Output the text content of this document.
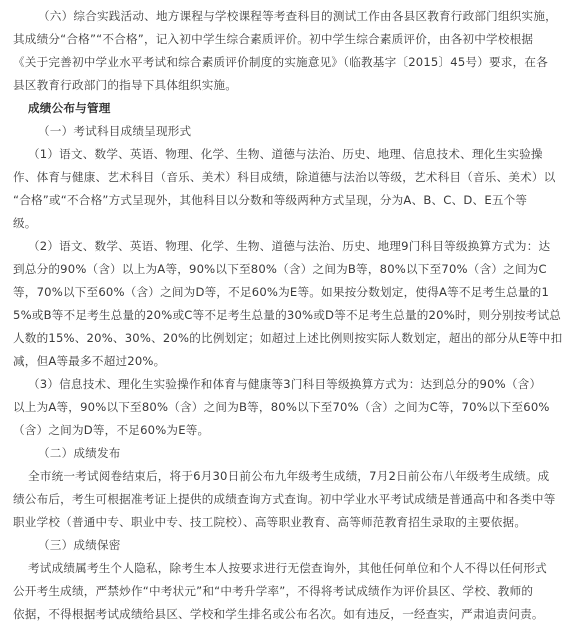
（六）综合实践活动、地方课程与学校课程等考查科目的测试工作由各县区教育行政部门组织实施，
其成绩分“合格”“不合格”，记入初中学生综合素质评价。初中学生综合素质评价，由各初中学校根据
《关于完善初中学业水平考试和综合素质评价制度的实施意见》（临教基字〔2015〕45号）要求，在各
县区教育行政部门的指导下具体组织实施。
成绩公布与管理
（一）考试科目成绩呈现形式
（1）语文、数学、英语、物理、化学、生物、道德与法治、历史、地理、信息技术、理化生实验操
作、体育与健康、艺术科目（音乐、美术）科目成绩，除道德与法治以等级，艺术科目（音乐、美术）以
“合格”或“不合格”方式呈现外，其他科目以分数和等级两种方式呈现，分为A、B、C、D、E五个等
级。
（2）语文、数学、英语、物理、化学、生物、道德与法治、历史、地理9门科目等级换算方式为：达
到总分的90%（含）以上为A等，90%以下至80%（含）之间为B等，80%以下至70%（含）之间为C
等，70%以下至60%（含）之间为D等，不足60%为E等。如果按分数划定，使得A等不足考生总量的1
5%或B等不足考生总量的20%或C等不足考生总量的30%或D等不足考生总量的20%时，则分别按考试总
人数的15%、20%、30%、20%的比例划定；如超过上述比例则按实际人数划定，超出的部分从E等中扣
减，但A等最多不超过20%。
（3）信息技术、理化生实验操作和体育与健康等3门科目等级换算方式为：达到总分的90%（含）
以上为A等，90%以下至80%（含）之间为B等，80%以下至70%（含）之间为C等，70%以下至60%
（含）之间为D等，不足60%为E等。
（二）成绩发布
全市统一考试阅卷结束后，将于6月30日前公布九年级考生成绩，7月2日前公布八年级考生成绩。成
绩公布后，考生可根据准考证上提供的成绩查询方式查询。初中学业水平考试成绩是普通高中和各类中等
职业学校（普通中专、职业中专、技工院校）、高等职业教育、高等师范教育招生录取的主要依据。
（三）成绩保密
考试成绩属考生个人隐私，除考生本人按要求进行无偿查询外，其他任何单位和个人不得以任何形式
公开考生成绩，严禁炒作“中考状元”和“中考升学率”，不得将考试成绩作为评价县区、学校、教师的
依据，不得根据考试成绩给县区、学校和学生排名或公布名次。如有违反，一经查实，严肃追责问责。
